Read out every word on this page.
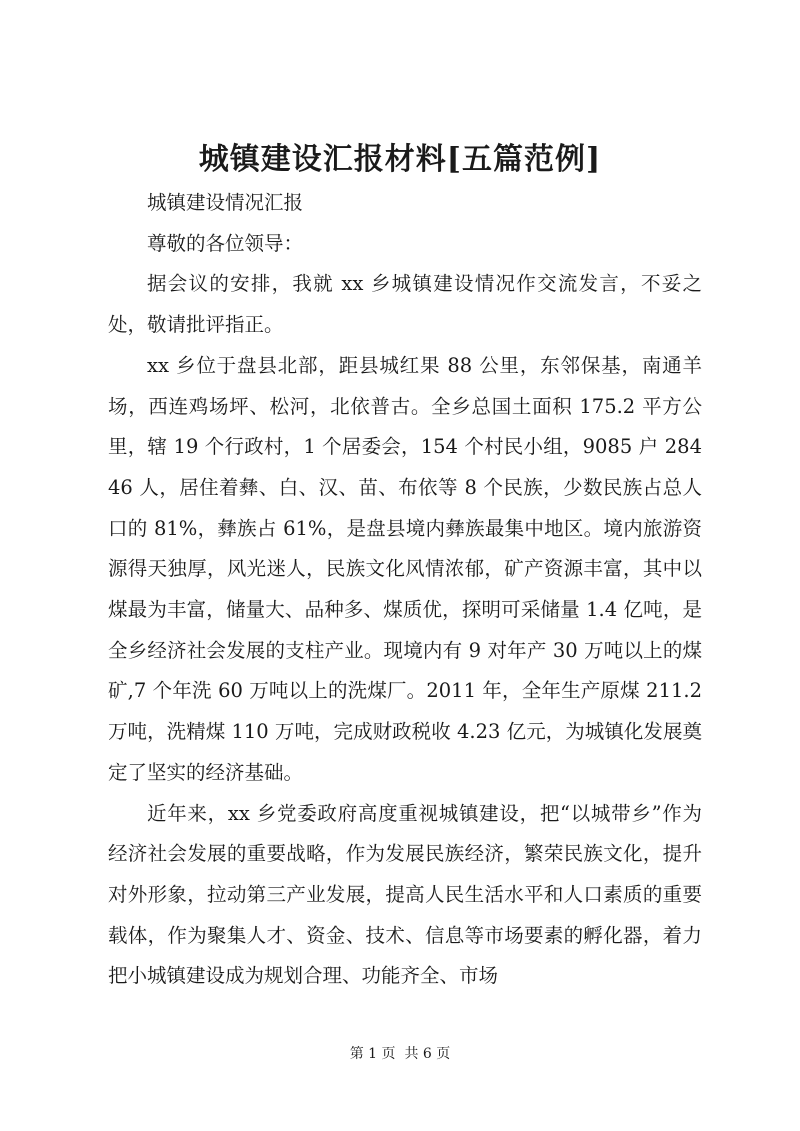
城镇建设汇报材料[五篇范例]

城镇建设情况汇报

尊敬的各位领导：

据会议的安排，我就 xx 乡城镇建设情况作交流发言，不妥之处，敬请批评指正。

xx 乡位于盘县北部，距县城红果 88 公里，东邻保基，南通羊场，西连鸡场坪、松河，北依普古。全乡总国土面积 175.2 平方公里，辖 19 个行政村，1 个居委会，154 个村民小组，9085 户 28446 人，居住着彝、白、汉、苗、布依等 8 个民族，少数民族占总人口的 81%，彝族占 61%，是盘县境内彝族最集中地区。境内旅游资源得天独厚，风光迷人，民族文化风情浓郁，矿产资源丰富，其中以煤最为丰富，储量大、品种多、煤质优，探明可采储量 1.4 亿吨，是全乡经济社会发展的支柱产业。现境内有 9 对年产 30 万吨以上的煤矿,7 个年洗 60 万吨以上的洗煤厂。2011 年，全年生产原煤 211.2 万吨，洗精煤 110 万吨，完成财政税收 4.23 亿元，为城镇化发展奠定了坚实的经济基础。

近年来，xx 乡党委政府高度重视城镇建设，把“以城带乡”作为经济社会发展的重要战略，作为发展民族经济，繁荣民族文化，提升对外形象，拉动第三产业发展，提高人民生活水平和人口素质的重要载体，作为聚集人才、资金、技术、信息等市场要素的孵化器，着力把小城镇建设成为规划合理、功能齐全、市场

第 1 页  共 6 页
